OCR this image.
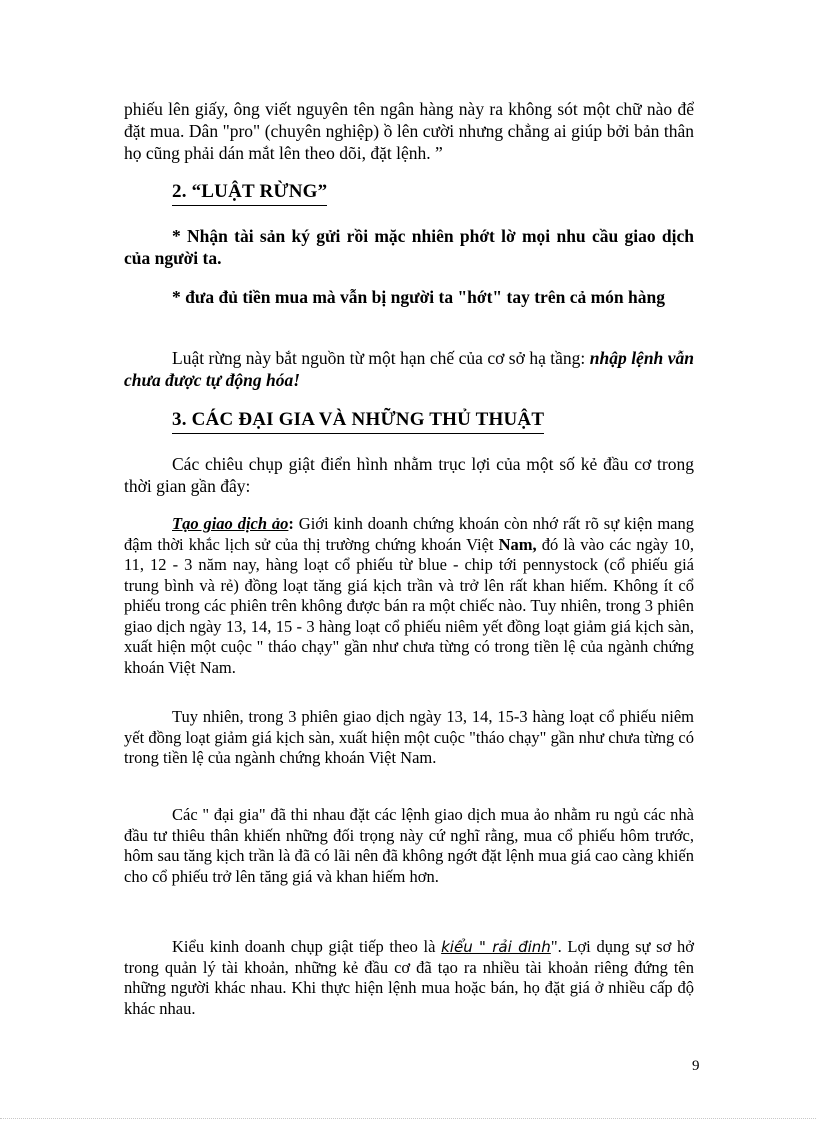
phiếu lên giấy, ông viết nguyên tên ngân hàng này ra không sót một chữ nào để đặt mua. Dân "pro" (chuyên nghiệp) ồ lên cười nhưng chẳng ai giúp bởi bản thân họ cũng phải dán mắt lên theo dõi, đặt lệnh. ”

2. “LUẬT RỪNG”

* Nhận tài sản ký gửi rồi mặc nhiên phớt lờ mọi nhu cầu giao dịch của người ta.

* đưa đủ tiền mua mà vẫn bị người ta "hớt" tay trên cả món hàng

Luật rừng này bắt nguồn từ một hạn chế của cơ sở hạ tầng: nhập lệnh vẫn chưa được tự động hóa!

3. CÁC ĐẠI GIA VÀ NHỮNG THỦ THUẬT

Các chiêu chụp giật điển hình nhằm trục lợi của một số kẻ đầu cơ trong thời gian gần đây:

Tạo giao dịch ảo: Giới kinh doanh chứng khoán còn nhớ rất rõ sự kiện mang đậm thời khắc lịch sử của thị trường chứng khoán Việt Nam, đó là vào các ngày 10, 11, 12 - 3 năm nay, hàng loạt cổ phiếu từ blue - chip tới pennystock (cổ phiếu giá trung bình và rẻ) đồng loạt tăng giá kịch trần và trở lên rất khan hiếm. Không ít cổ phiếu trong các phiên trên không được bán ra một chiếc nào. Tuy nhiên, trong 3 phiên giao dịch ngày 13, 14, 15 - 3 hàng loạt cổ phiếu niêm yết đồng loạt giảm giá kịch sàn, xuất hiện một cuộc " tháo chạy" gần như chưa từng có trong tiền lệ của ngành chứng khoán Việt Nam.

Tuy nhiên, trong 3 phiên giao dịch ngày 13, 14, 15-3 hàng loạt cổ phiếu niêm yết đồng loạt giảm giá kịch sàn, xuất hiện một cuộc "tháo chạy" gần như chưa từng có trong tiền lệ của ngành chứng khoán Việt Nam.

Các " đại gia" đã thi nhau đặt các lệnh giao dịch mua ảo nhằm ru ngủ các nhà đầu tư thiêu thân khiến những đối trọng này cứ nghĩ rằng, mua cổ phiếu hôm trước, hôm sau tăng kịch trần là đã có lãi nên đã không ngớt đặt lệnh mua giá cao càng khiến cho cổ phiếu trở lên tăng giá và khan hiếm hơn.

Kiểu kinh doanh chụp giật tiếp theo là kiểu " rải đinh". Lợi dụng sự sơ hở trong quản lý tài khoản, những kẻ đầu cơ đã tạo ra nhiều tài khoản riêng đứng tên những người khác nhau. Khi thực hiện lệnh mua hoặc bán, họ đặt giá ở nhiều cấp độ khác nhau.

9
